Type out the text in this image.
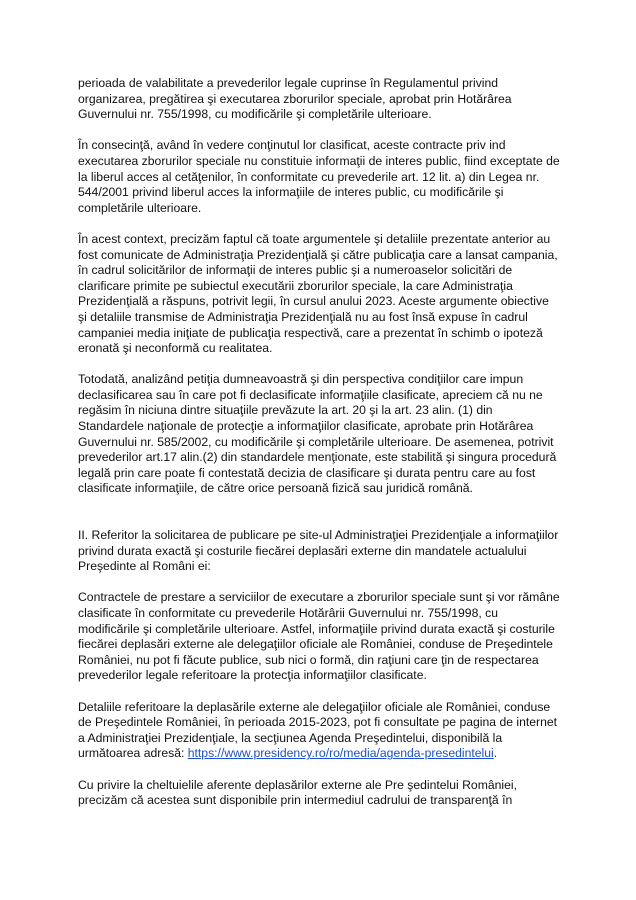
perioada de valabilitate a prevederilor legale cuprinse în Regulamentul privind organizarea, pregătirea şi executarea zborurilor speciale, aprobat prin Hotărârea Guvernului nr. 755/1998, cu modificările şi completările ulterioare.

În consecinţă, având în vedere conţinutul lor clasificat, aceste contracte priv ind executarea zborurilor speciale nu constituie informaţii de interes public, fiind exceptate de la liberul acces al cetăţenilor, în conformitate cu prevederile art. 12 lit. a) din Legea nr. 544/2001 privind liberul acces la informaţiile de interes public, cu modificările şi completările ulterioare.

În acest context, precizăm faptul că toate argumentele şi detaliile prezentate anterior au fost comunicate de Administraţia Prezidenţială şi către publicaţia care a lansat campania, în cadrul solicitărilor de informaţii de interes public şi a numeroaselor solicitări de clarificare primite pe subiectul executării zborurilor speciale, la care Administraţia Prezidenţială a răspuns, potrivit legii, în cursul anului 2023. Aceste argumente obiective şi detaliile transmise de Administraţia Prezidenţială nu au fost însă expuse în cadrul campaniei media iniţiate de publicaţia respectivă, care a prezentat în schimb o ipoteză eronată şi neconformă cu realitatea.

Totodată, analizând petiţia dumneavoastră şi din perspectiva condiţiilor care impun declasificarea sau în care pot fi declasificate informaţiile clasificate, apreciem că nu ne regăsim în niciuna dintre situaţiile prevăzute la art. 20 şi la art. 23 alin. (1) din Standardele naţionale de protecţie a informaţiilor clasificate, aprobate prin Hotărârea Guvernului nr. 585/2002, cu modificările şi completările ulterioare. De asemenea, potrivit prevederilor art.17 alin.(2) din standardele menţionate, este stabilită şi singura procedură legală prin care poate fi contestată decizia de clasificare şi durata pentru care au fost clasificate informaţiile, de către orice persoană fizică sau juridică română.

II. Referitor la solicitarea de publicare pe site-ul Administraţiei Prezidenţiale a informaţiilor privind durata exactă şi costurile fiecărei deplasări externe din mandatele actualului Preşedinte al Români ei:

Contractele de prestare a serviciilor de executare a zborurilor speciale sunt şi vor rămâne clasificate în conformitate cu prevederile Hotărârii Guvernului nr. 755/1998, cu modificările şi completările ulterioare. Astfel, informaţiile privind durata exactă şi costurile fiecărei deplasări externe ale delegaţiilor oficiale ale României, conduse de Preşedintele României, nu pot fi făcute publice, sub nici o formă, din raţiuni care ţin de respectarea prevederilor legale referitoare la protecţia informaţiilor clasificate.

Detaliile referitoare la deplasările externe ale delegaţiilor oficiale ale României, conduse de Preşedintele României, în perioada 2015-2023, pot fi consultate pe pagina de internet a Administraţiei Prezidenţiale, la secţiunea Agenda Preşedintelui, disponibilă la următoarea adresă: https://www.presidency.ro/ro/media/agenda-presedintelui.

Cu privire la cheltuielile aferente deplasărilor externe ale Pre şedintelui României, precizăm că acestea sunt disponibile prin intermediul cadrului de transparenţă în
